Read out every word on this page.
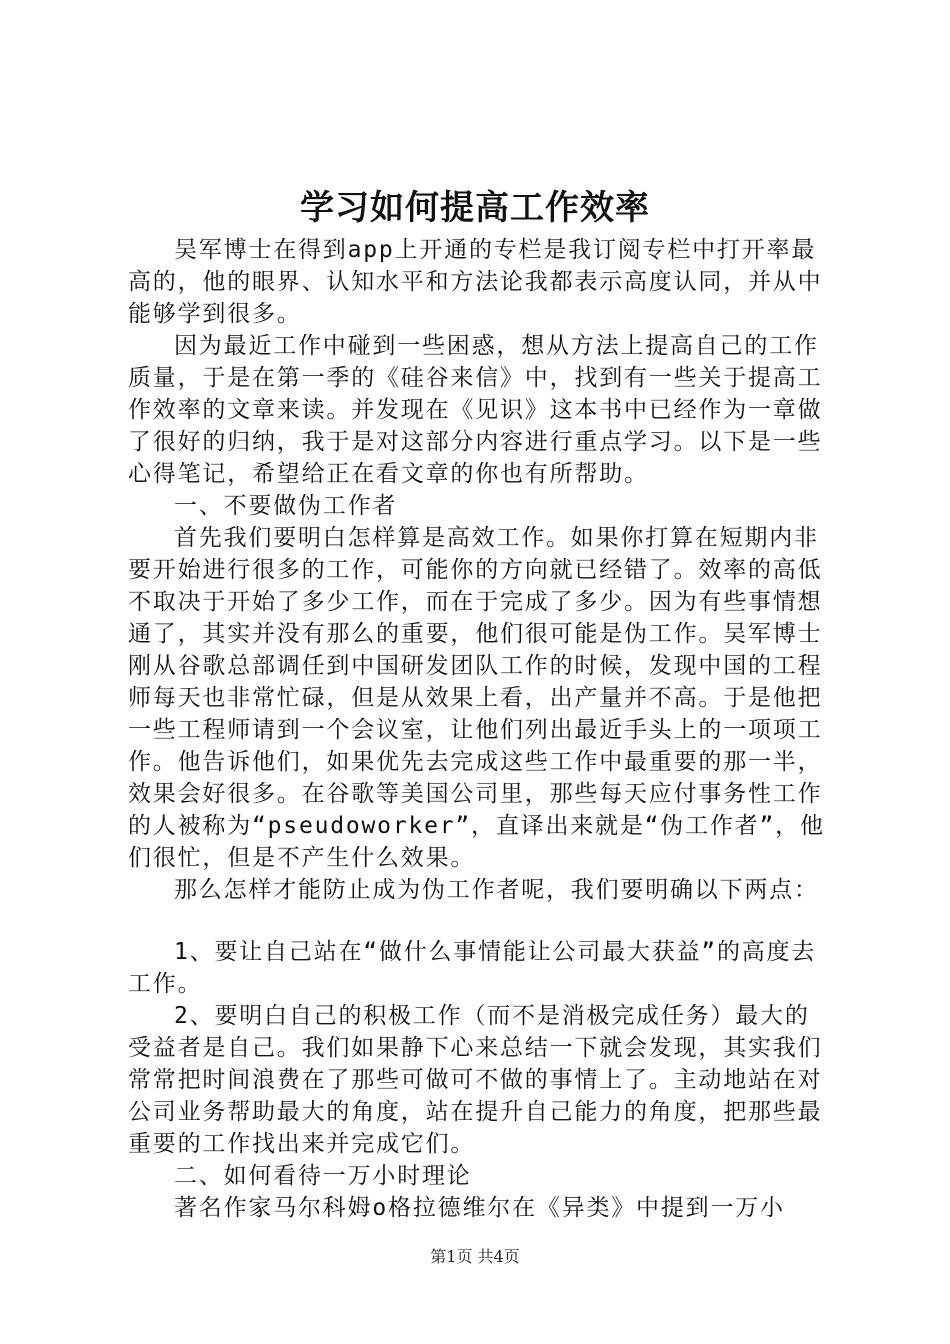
学习如何提高工作效率

吴军博士在得到app上开通的专栏是我订阅专栏中打开率最高的，他的眼界、认知水平和方法论我都表示高度认同，并从中能够学到很多。

因为最近工作中碰到一些困惑，想从方法上提高自己的工作质量，于是在第一季的《硅谷来信》中，找到有一些关于提高工作效率的文章来读。并发现在《见识》这本书中已经作为一章做了很好的归纳，我于是对这部分内容进行重点学习。以下是一些心得笔记，希望给正在看文章的你也有所帮助。

一、不要做伪工作者

首先我们要明白怎样算是高效工作。如果你打算在短期内非要开始进行很多的工作，可能你的方向就已经错了。效率的高低不取决于开始了多少工作，而在于完成了多少。因为有些事情想通了，其实并没有那么的重要，他们很可能是伪工作。吴军博士刚从谷歌总部调任到中国研发团队工作的时候，发现中国的工程师每天也非常忙碌，但是从效果上看，出产量并不高。于是他把一些工程师请到一个会议室，让他们列出最近手头上的一项项工作。他告诉他们，如果优先去完成这些工作中最重要的那一半，效果会好很多。在谷歌等美国公司里，那些每天应付事务性工作的人被称为“pseudoworker”，直译出来就是“伪工作者”，他们很忙，但是不产生什么效果。

那么怎样才能防止成为伪工作者呢，我们要明确以下两点：

1、要让自己站在“做什么事情能让公司最大获益”的高度去工作。

2、要明白自己的积极工作（而不是消极完成任务）最大的受益者是自己。我们如果静下心来总结一下就会发现，其实我们常常把时间浪费在了那些可做可不做的事情上了。主动地站在对公司业务帮助最大的角度，站在提升自己能力的角度，把那些最重要的工作找出来并完成它们。

二、如何看待一万小时理论

著名作家马尔科姆o格拉德维尔在《异类》中提到一万小

第1页 共4页
